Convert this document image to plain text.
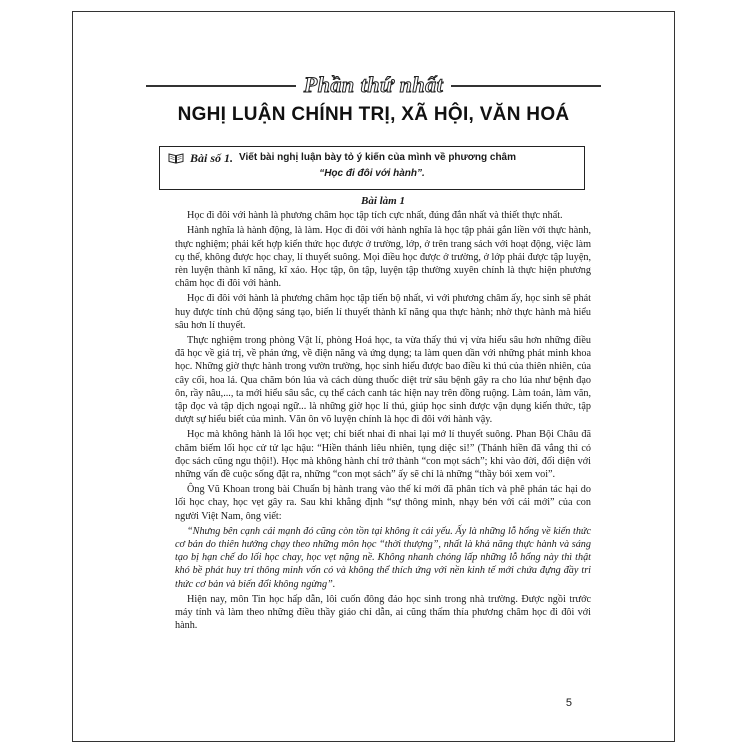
Phần thứ nhất
NGHỊ LUẬN CHÍNH TRỊ, XÃ HỘI, VĂN HOÁ
Bài số 1. Viết bài nghị luận bày tỏ ý kiến của mình về phương châm
“Học đi đôi với hành”.
Bài làm 1

Học đi đôi với hành là phương châm học tập tích cực nhất, đúng đắn nhất và thiết thực nhất.

Hành nghĩa là hành động, là làm. Học đi đôi với hành nghĩa là học tập phải gắn liền với thực hành, thực nghiệm; phải kết hợp kiến thức học được ở trường, lớp, ở trên trang sách với hoạt động, việc làm cụ thể, không được học chay, lí thuyết suông. Mọi điều học được ở trường, ở lớp phải được tập luyện, rèn luyện thành kĩ năng, kĩ xảo. Học tập, ôn tập, luyện tập thường xuyên chính là thực hiện phương châm học đi đôi với hành.

Học đi đôi với hành là phương châm học tập tiến bộ nhất, vì với phương châm ấy, học sinh sẽ phát huy được tính chủ động sáng tạo, biến lí thuyết thành kĩ năng qua thực hành; nhờ thực hành mà hiểu sâu hơn lí thuyết.

Thực nghiệm trong phòng Vật lí, phòng Hoá học, ta vừa thấy thú vị vừa hiểu sâu hơn những điều đã học về giá trị, về phản ứng, về điện năng và ứng dụng; ta làm quen dần với những phát minh khoa học. Những giờ thực hành trong vườn trường, học sinh hiểu được bao điều kì thú của thiên nhiên, của cây cối, hoa lá. Qua chăm bón lúa và cách dùng thuốc diệt trừ sâu bệnh gây ra cho lúa như bệnh đạo ôn, rầy nâu,..., ta mới hiểu sâu sắc, cụ thể cách canh tác hiện nay trên đồng ruộng. Làm toán, làm văn, tập đọc và tập dịch ngoại ngữ... là những giờ học lí thú, giúp học sinh được vận dụng kiến thức, tập dượt sự hiểu biết của mình. Văn ôn võ luyện chính là học đi đôi với hành vậy.

Học mà không hành là lối học vẹt; chỉ biết nhai đi nhai lại mớ lí thuyết suông. Phan Bội Châu đã chăm biếm lối học cử tử lạc hậu: “Hiền thánh liêu nhiên, tụng diệc si!” (Thánh hiền đã vắng thì có đọc sách cũng ngu thội!). Học mà không hành chỉ trở thành “con mọt sách”; khi vào đời, đối diện với những vấn đề cuộc sống đặt ra, những “con mọt sách” ấy sẽ chỉ là những “thầy bói xem voi”.

Ông Vũ Khoan trong bài Chuẩn bị hành trang vào thế kỉ mới đã phân tích và phê phán tác hại do lối học chay, học vẹt gây ra. Sau khi khẳng định “sự thông minh, nhạy bén với cái mới” của con người Việt Nam, ông viết:

“Nhưng bên cạnh cái mạnh đó cũng còn tồn tại không ít cái yếu. Ấy là những lỗ hổng về kiến thức cơ bản do thiên hướng chạy theo những môn học “thời thượng”, nhất là khả năng thực hành và sáng tạo bị hạn chế do lối học chay, học vẹt nặng nề. Không nhanh chóng lấp những lỗ hổng này thì thật khó bề phát huy trí thông minh vốn có và không thể thích ứng với nền kinh tế mới chứa đựng đầy tri thức cơ bản và biến đổi không ngừng”.

Hiện nay, môn Tin học hấp dẫn, lôi cuốn đông đảo học sinh trong nhà trường. Được ngồi trước máy tính và làm theo những điều thầy giáo chỉ dẫn, ai cũng thấm thía phương châm học đi đôi với hành.

5
